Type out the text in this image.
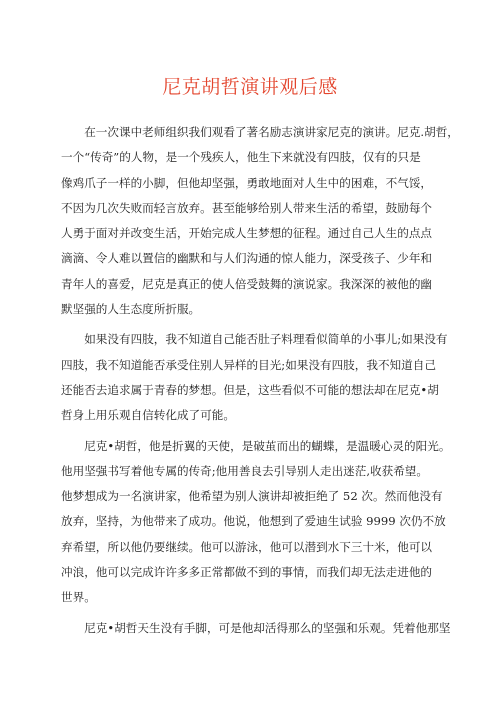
尼克胡哲演讲观后感

　　在一次课中老师组织我们观看了著名励志演讲家尼克的演讲。尼克.胡哲，
一个“传奇”的人物，是一个残疾人，他生下来就没有四肢，仅有的只是
像鸡爪子一样的小脚，但他却坚强，勇敢地面对人生中的困难，不气馁，
不因为几次失败而轻言放弃。甚至能够给别人带来生活的希望，鼓励每个
人勇于面对并改变生活，开始完成人生梦想的征程。通过自己人生的点点
滴滴、令人难以置信的幽默和与人们沟通的惊人能力，深受孩子、少年和
青年人的喜爱，尼克是真正的使人倍受鼓舞的演说家。我深深的被他的幽
默坚强的人生态度所折服。

　　如果没有四肢，我不知道自己能否肚子料理看似简单的小事儿;如果没有
四肢，我不知道能否承受住别人异样的目光;如果没有四肢，我不知道自己
还能否去追求属于青春的梦想。但是，这些看似不可能的想法却在尼克•胡
哲身上用乐观自信转化成了可能。

　　尼克•胡哲，他是折翼的天使，是破茧而出的蝴蝶，是温暖心灵的阳光。
他用坚强书写着他专属的传奇;他用善良去引导别人走出迷茫,收获希望。
他梦想成为一名演讲家，他希望为别人演讲却被拒绝了 52 次。然而他没有
放弃，坚持，为他带来了成功。他说，他想到了爱迪生试验 9999 次仍不放
弃希望，所以他仍要继续。他可以游泳，他可以潜到水下三十米，他可以
冲浪，他可以完成许许多多正常都做不到的事情，而我们却无法走进他的
世界。

　　尼克•胡哲天生没有手脚，可是他却活得那么的坚强和乐观。凭着他那坚
